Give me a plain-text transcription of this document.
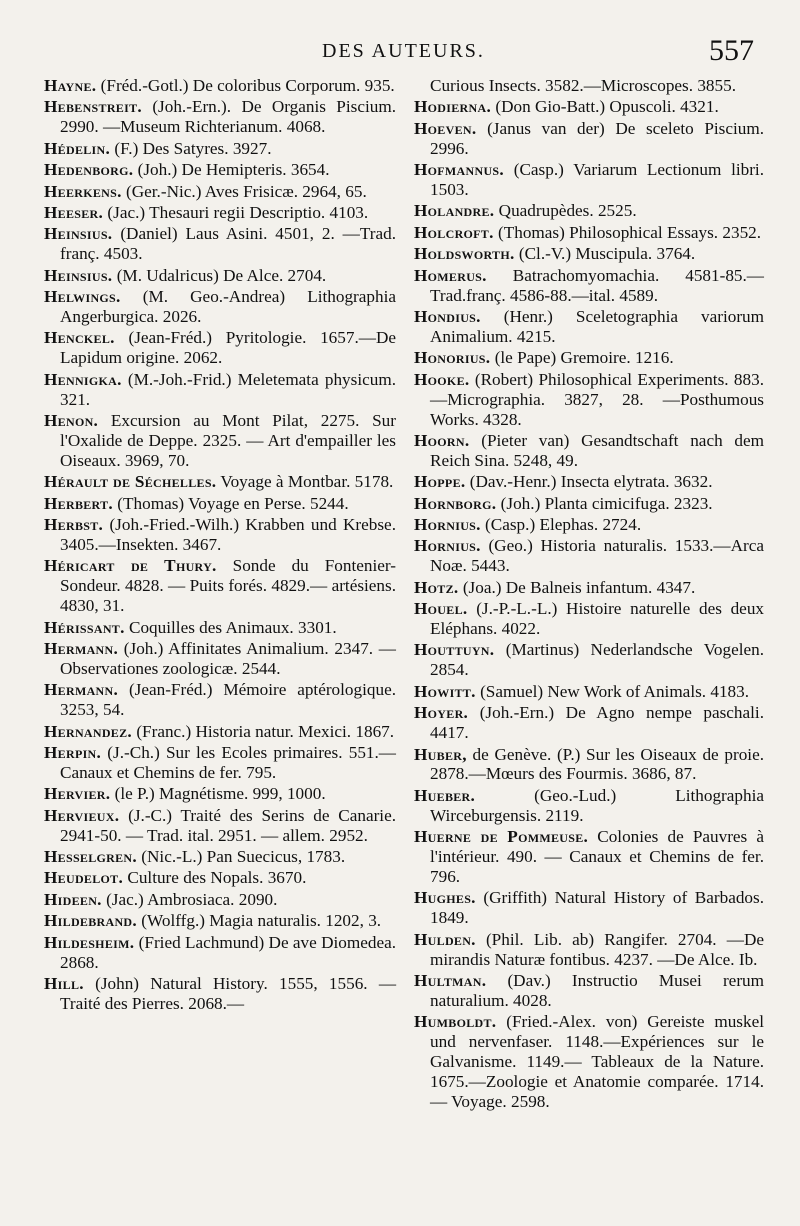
DES AUTEURS.	557

Hayne. (Fréd.-Gotl.) De coloribus Corporum. 935.

Hebenstreit. (Joh.-Ern.). De Organis Piscium. 2990. —Museum Richterianum. 4068.

Hédelin. (F.) Des Satyres. 3927.

Hedenborg. (Joh.) De Hemipteris. 3654.

Heerkens. (Ger.-Nic.) Aves Frisicæ. 2964, 65.

Heeser. (Jac.) Thesauri regii Descriptio. 4103.

Heinsius. (Daniel) Laus Asini. 4501, 2. —Trad. franç. 4503.

Heinsius. (M. Udalricus) De Alce. 2704.

Helwings. (M. Geo.-Andrea) Lithographia Angerburgica. 2026.

Henckel. (Jean-Fréd.) Pyritologie. 1657.—De Lapidum origine. 2062.

Hennigka. (M.-Joh.-Frid.) Meletemata physicum. 321.

Henon. Excursion au Mont Pilat, 2275. Sur l'Oxalide de Deppe. 2325. — Art d'empailler les Oiseaux. 3969, 70.

Hérault de Séchelles. Voyage à Montbar. 5178.

Herbert. (Thomas) Voyage en Perse. 5244.

Herbst. (Joh.-Fried.-Wilh.) Krabben und Krebse. 3405.—Insekten. 3467.

Héricart de Thury. Sonde du Fontenier-Sondeur. 4828. — Puits forés. 4829.— artésiens. 4830, 31.

Hérissant. Coquilles des Animaux. 3301.

Hermann. (Joh.) Affinitates Animalium. 2347. — Observationes zoologicæ. 2544.

Hermann. (Jean-Fréd.) Mémoire aptérologique. 3253, 54.

Hernandez. (Franc.) Historia natur. Mexici. 1867.

Herpin. (J.-Ch.) Sur les Ecoles primaires. 551.—Canaux et Chemins de fer. 795.

Hervier. (le P.) Magnétisme. 999, 1000.

Hervieux. (J.-C.) Traité des Serins de Canarie. 2941-50. — Trad. ital. 2951. — allem. 2952.

Hesselgren. (Nic.-L.) Pan Suecicus, 1783.

Heudelot. Culture des Nopals. 3670.

Hideen. (Jac.) Ambrosiaca. 2090.

Hildebrand. (Wolffg.) Magia naturalis. 1202, 3.

Hildesheim. (Fried Lachmund) De ave Diomedea. 2868.

Hill. (John) Natural History. 1555, 1556. — Traité des Pierres. 2068.—

Curious Insects. 3582.—Microscopes. 3855.

Hodierna. (Don Gio-Batt.) Opuscoli. 4321.

Hoeven. (Janus van der) De sceleto Piscium. 2996.

Hofmannus. (Casp.) Variarum Lectionum libri. 1503.

Holandre. Quadrupèdes. 2525.

Holcroft. (Thomas) Philosophical Essays. 2352.

Holdsworth. (Cl.-V.) Muscipula. 3764.

Homerus. Batrachomyomachia. 4581-85.—Trad.franç. 4586-88.—ital. 4589.

Hondius. (Henr.) Sceletographia variorum Animalium. 4215.

Honorius. (le Pape) Gremoire. 1216.

Hooke. (Robert) Philosophical Experiments. 883.—Micrographia. 3827, 28. —Posthumous Works. 4328.

Hoorn. (Pieter van) Gesandtschaft nach dem Reich Sina. 5248, 49.

Hoppe. (Dav.-Henr.) Insecta elytrata. 3632.

Hornborg. (Joh.) Planta cimicifuga. 2323.

Hornius. (Casp.) Elephas. 2724.

Hornius. (Geo.) Historia naturalis. 1533.—Arca Noæ. 5443.

Hotz. (Joa.) De Balneis infantum. 4347.

Houel. (J.-P.-L.-L.) Histoire naturelle des deux Eléphans. 4022.

Houttuyn. (Martinus) Nederlandsche Vogelen. 2854.

Howitt. (Samuel) New Work of Animals. 4183.

Hoyer. (Joh.-Ern.) De Agno nempe paschali. 4417.

Huber, de Genève. (P.) Sur les Oiseaux de proie. 2878.—Mœurs des Fourmis. 3686, 87.

Hueber.	(Geo.-Lud.) Lithographia Wirceburgensis. 2119.

Huerne de Pommeuse. Colonies de Pauvres à l'intérieur. 490. — Canaux et Chemins de fer. 796.

Hughes. (Griffith) Natural History of Barbados. 1849.

Hulden. (Phil. Lib. ab) Rangifer. 2704. —De mirandis Naturæ fontibus. 4237. —De Alce. Ib.

Hultman. (Dav.) Instructio Musei rerum naturalium. 4028.

Humboldt. (Fried.-Alex. von) Gereiste muskel und nervenfaser. 1148.—Expériences sur le Galvanisme. 1149.— Tableaux de la Nature. 1675.—Zoologie et Anatomie comparée. 1714. — Voyage. 2598.
